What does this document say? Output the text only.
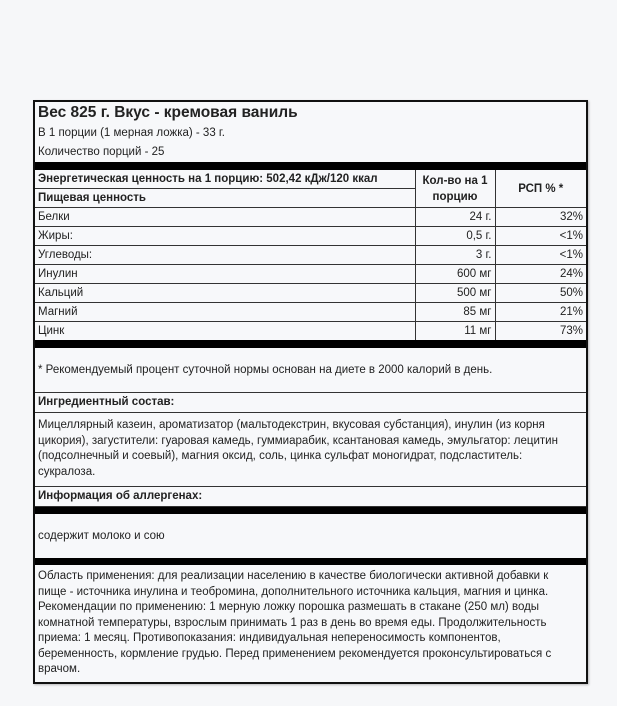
Вес 825 г. Вкус - кремовая ваниль
В 1 порции (1 мерная ложка) - 33 г.
Количество порций - 25
Энергетическая ценность на 1 порцию: 502,42 кДж/120 ккал	Кол-во на 1 порцию	РСП % *
Пищевая ценность		
Белки	24 г.	32%
Жиры:	0,5 г.	<1%
Углеводы:	3 г.	<1%
Инулин	600 мг	24%
Кальций	500 мг	50%
Магний	85 мг	21%
Цинк	11 мг	73%
* Рекомендуемый процент суточной нормы основан на диете в 2000 калорий в день.
Ингредиентный состав:
Мицеллярный казеин, ароматизатор (мальтодекстрин, вкусовая субстанция), инулин (из корня цикория), загустители: гуаровая камедь, гуммиарабик, ксантановая камедь, эмульгатор: лецитин (подсолнечный и соевый), магния оксид, соль, цинка сульфат моногидрат, подсластитель: сукралоза.
Информация об аллергенах:
содержит молоко и сою
Область применения: для реализации населению в качестве биологически активной добавки к пище - источника инулина и теобромина, дополнительного источника кальция, магния и цинка. Рекомендации по применению: 1 мерную ложку порошка размешать в стакане (250 мл) воды комнатной температуры, взрослым принимать 1 раз в день во время еды. Продолжительность приема: 1 месяц. Противопоказания: индивидуальная непереносимость компонентов, беременность, кормление грудью. Перед применением рекомендуется проконсультироваться с врачом.
